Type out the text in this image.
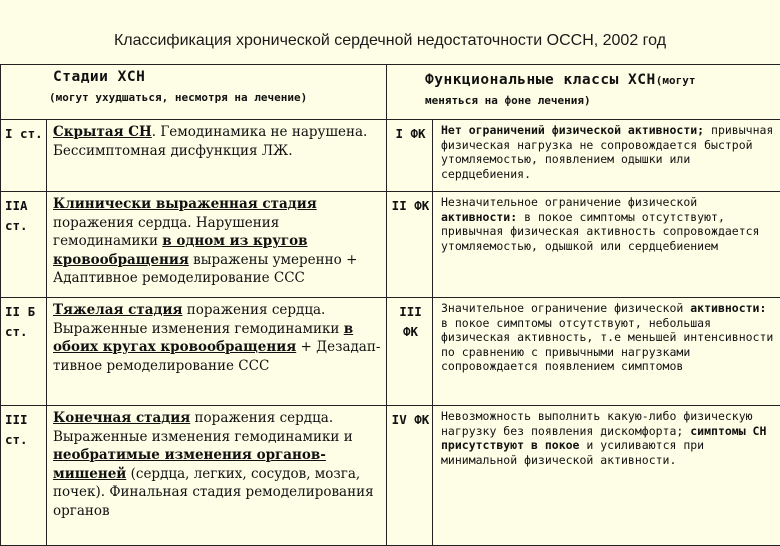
Классификация хронической сердечной недостаточности ОССН, 2002 год
Стадии ХСН
(могут ухудшаться, несмотря на лечение)		Функциональные классы ХСН(могут
меняться на фоне лечения)	

I ст.	Скрытая СН. Гемодинамика не нарушена. Бессимптомная дисфункция ЛЖ.	I ФК	Нет ограничений физической активности; привычная физическая нагрузка не сопровождается быстрой утомляемостью, появлением одышки или сердцебиения.
IIA ст.	Клинически выраженная стадия поражения сердца. Нарушения гемодинамики в одном из кругов кровообращения выражены умеренно + Адаптивное ремоделирование ССС	II ФК	Незначительное ограничение физической активности: в покое симптомы отсутствуют, привычная физическая активность сопровождается утомляемостью, одышкой или сердцебиением
II Б ст.	Тяжелая стадия поражения сердца. Выраженные изменения гемодинамики в обоих кругах кровообращения + Дезадап-тивное ремоделирование ССС	III ФК	Значительное ограничение физической активности: в покое симптомы отсутствуют, небольшая физическая активность, т.е меньшей интенсивности по сравнению с привычными нагрузками сопровождается появлением симптомов
III ст.	Конечная стадия поражения сердца. Выраженные изменения гемодинамики и необратимые изменения органов-мишеней (сердца, легких, сосудов, мозга, почек). Финальная стадия ремоделирования органов	IV ФК	Невозможность выполнить какую-либо физическую нагрузку без появления дискомфорта; симптомы СН присутствуют в покое и усиливаются при минимальной физической активности.
